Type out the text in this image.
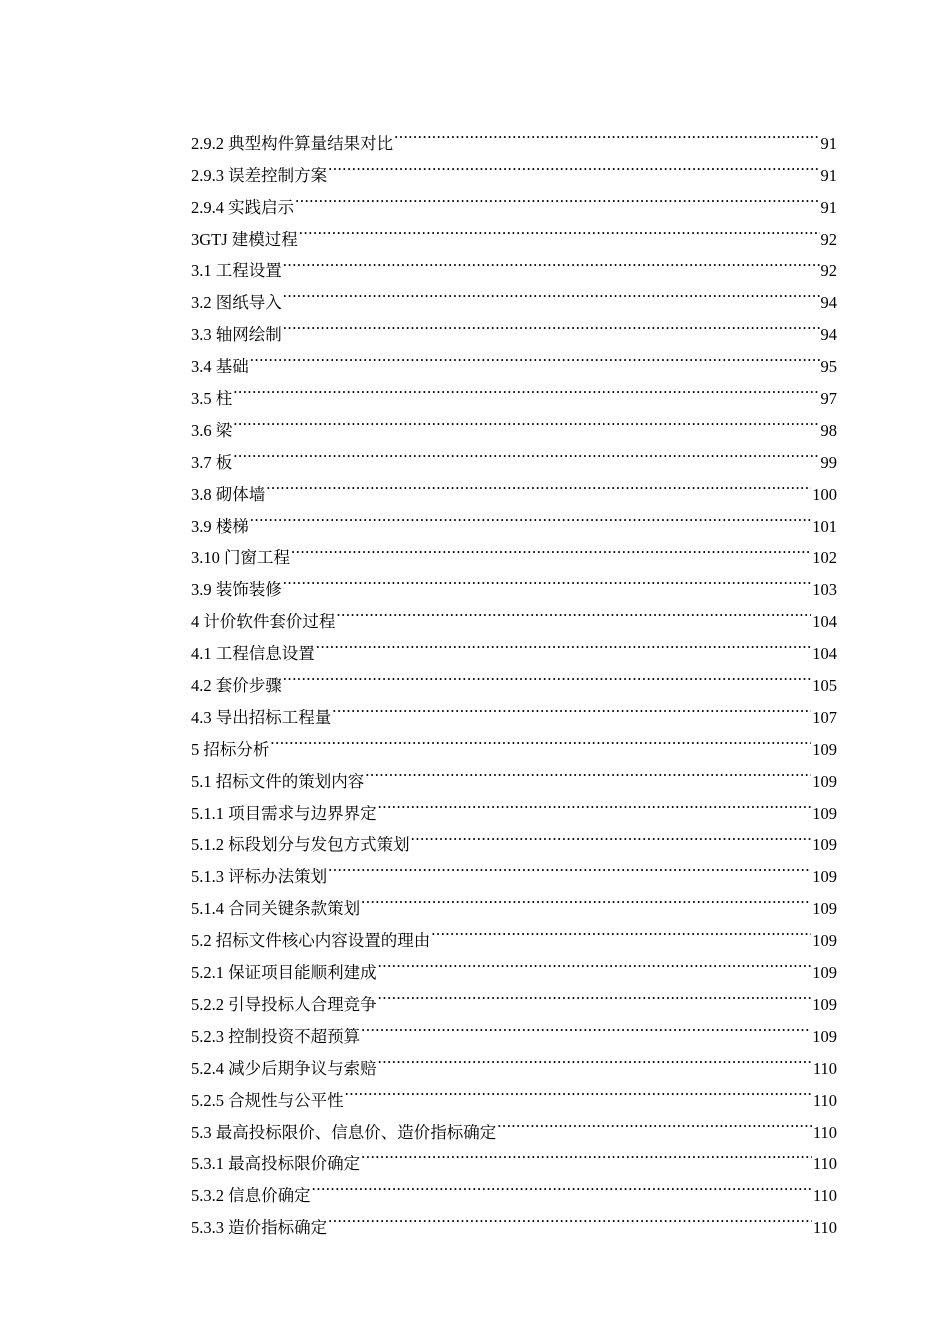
2.9.2 典型构件算量结果对比 .....	91
2.9.3 误差控制方案 .....	91
2.9.4 实践启示 .....	91
3GTJ 建模过程 .....	92
3.1 工程设置 .....	92
3.2 图纸导入 .....	94
3.3 轴网绘制 .....	94
3.4 基础 .....	95
3.5 柱 .....	97
3.6 梁 .....	98
3.7 板 .....	99
3.8 砌体墙 .....	100
3.9 楼梯 .....	101
3.10 门窗工程 .....	102
3.9 装饰装修 .....	103
4 计价软件套价过程 .....	104
4.1 工程信息设置 .....	104
4.2 套价步骤 .....	105
4.3 导出招标工程量 .....	107
5 招标分析 .....	109
5.1 招标文件的策划内容 .....	109
5.1.1 项目需求与边界界定 .....	109
5.1.2 标段划分与发包方式策划 .....	109
5.1.3 评标办法策划 .....	109
5.1.4 合同关键条款策划 .....	109
5.2 招标文件核心内容设置的理由 .....	109
5.2.1 保证项目能顺利建成 .....	109
5.2.2 引导投标人合理竞争 .....	109
5.2.3 控制投资不超预算 .....	109
5.2.4 减少后期争议与索赔 .....	110
5.2.5 合规性与公平性 .....	110
5.3 最高投标限价、信息价、造价指标确定 .....	110
5.3.1 最高投标限价确定 .....	110
5.3.2 信息价确定 .....	110
5.3.3 造价指标确定 .....	110
